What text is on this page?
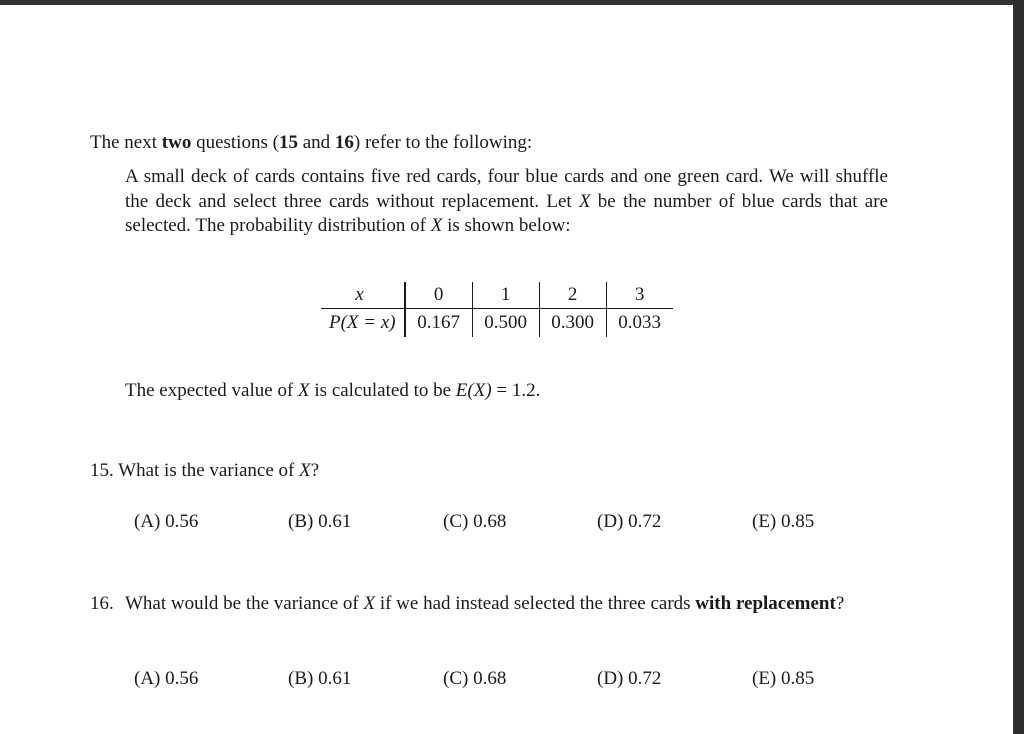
The next two questions (15 and 16) refer to the following:
A small deck of cards contains five red cards, four blue cards and one green card. We will shuffle the deck and select three cards without replacement. Let X be the number of blue cards that are selected. The probability distribution of X is shown below:
x	0	1	2	3
P(X = x)	0.167	0.500	0.300	0.033
The expected value of X is calculated to be E(X) = 1.2.
15. What is the variance of X?
(A) 0.56	(B) 0.61	(C) 0.68	(D) 0.72	(E) 0.85
16. What would be the variance of X if we had instead selected the three cards with replacement?
(A) 0.56	(B) 0.61	(C) 0.68	(D) 0.72	(E) 0.85
